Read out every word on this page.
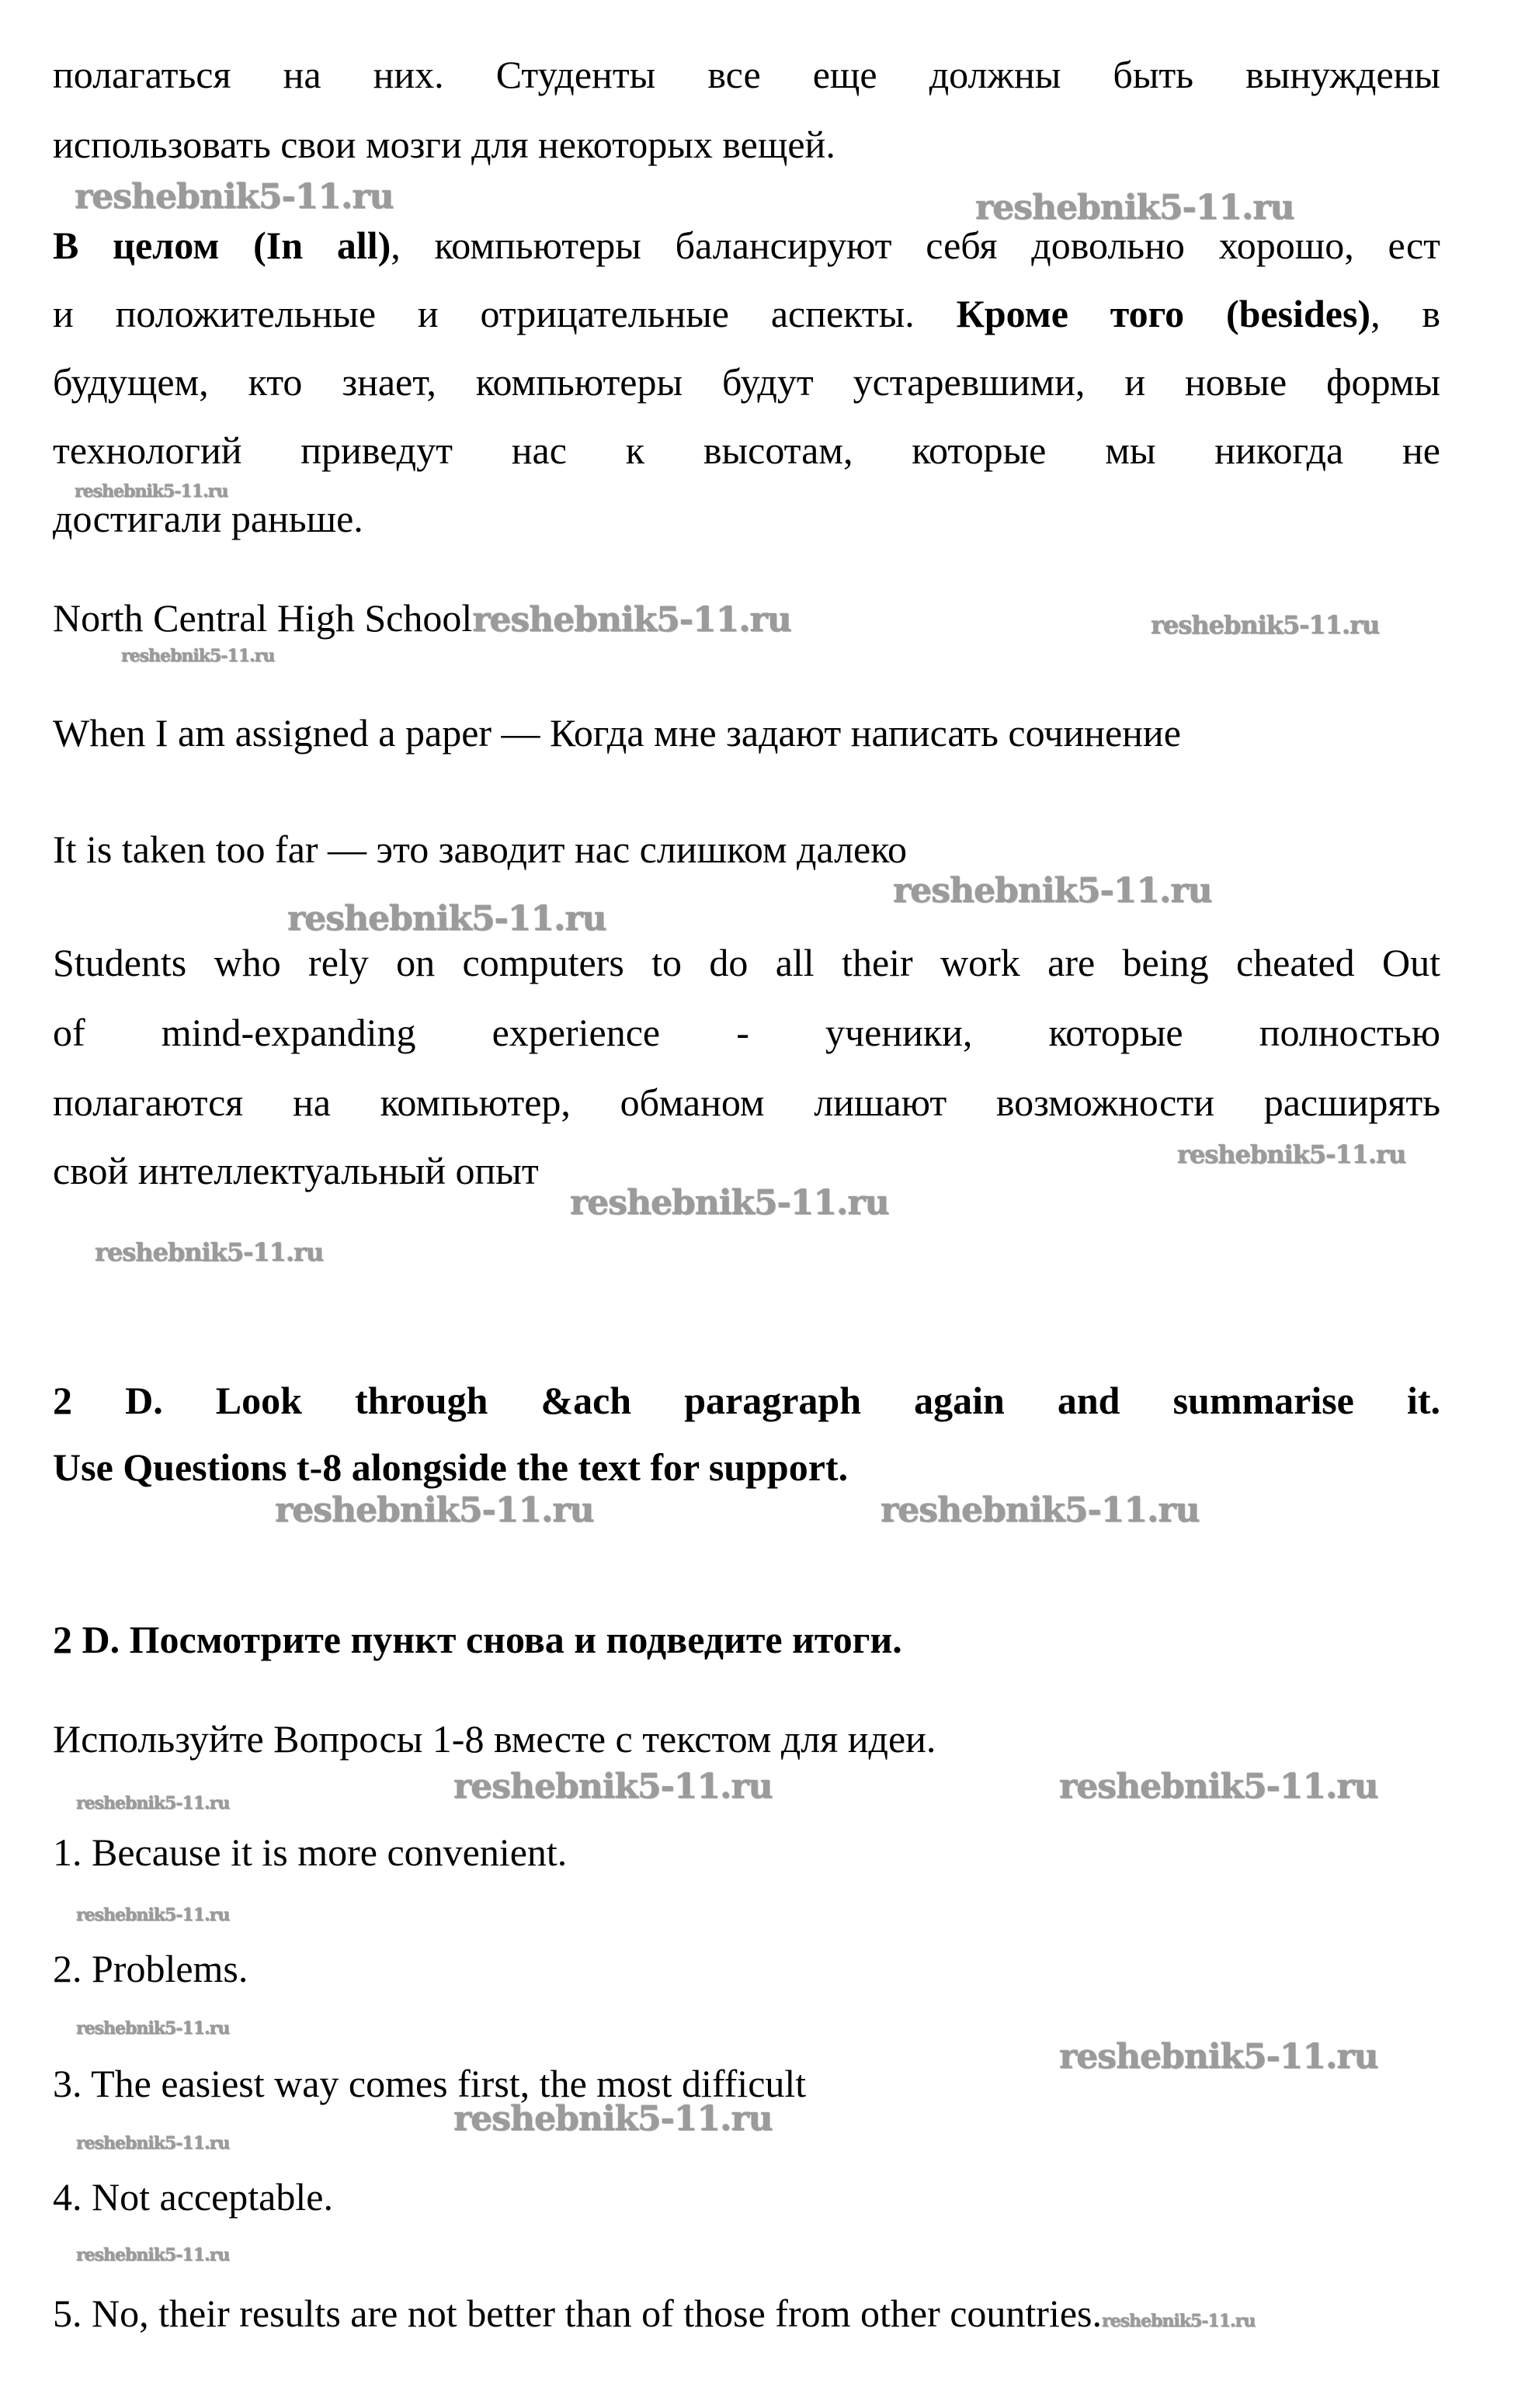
полагаться на них. Студенты все еще должны быть вынуждены
использовать свои мозги для некоторых вещей.
reshebnik5-11.ru	reshebnik5-11.ru
В целом (In all), компьютеры балансируют себя довольно хорошо, ест
и положительные и отрицательные аспекты. Кроме того (besides), в
будущем, кто знает, компьютеры будут устаревшими, и новые формы
технологий приведут нас к высотам, которые мы никогда не
reshebnik5-11.ru
достигали раньше.
North Central High Schoolreshebnik5-11.ru	reshebnik5-11.ru
reshebnik5-11.ru
When I am assigned a paper — Когда мне задают написать сочинение
It is taken too far — это заводит нас слишком далеко
reshebnik5-11.ru
reshebnik5-11.ru
Students who rely on computers to do all their work are being cheated Out
of mind-expanding experience - ученики, которые полностью
полагаются на компьютер, обманом лишают возможности расширять
reshebnik5-11.ru
свой интеллектуальный опыт
reshebnik5-11.ru
reshebnik5-11.ru
2 D. Look through &ach paragraph again and summarise it.
Use Questions t-8 alongside the text for support.
reshebnik5-11.ru	reshebnik5-11.ru
2 D. Посмотрите пункт снова и подведите итоги.
Используйте Вопросы 1-8 вместе с текстом для идеи.
reshebnik5-11.ru	reshebnik5-11.ru
reshebnik5-11.ru
1. Because it is more convenient.
reshebnik5-11.ru
2. Problems.
reshebnik5-11.ru
reshebnik5-11.ru
3. The easiest way comes first, the most difficult
reshebnik5-11.ru
reshebnik5-11.ru
4. Not acceptable.
reshebnik5-11.ru
5. No, their results are not better than of those from other countries.reshebnik5-11.ru
